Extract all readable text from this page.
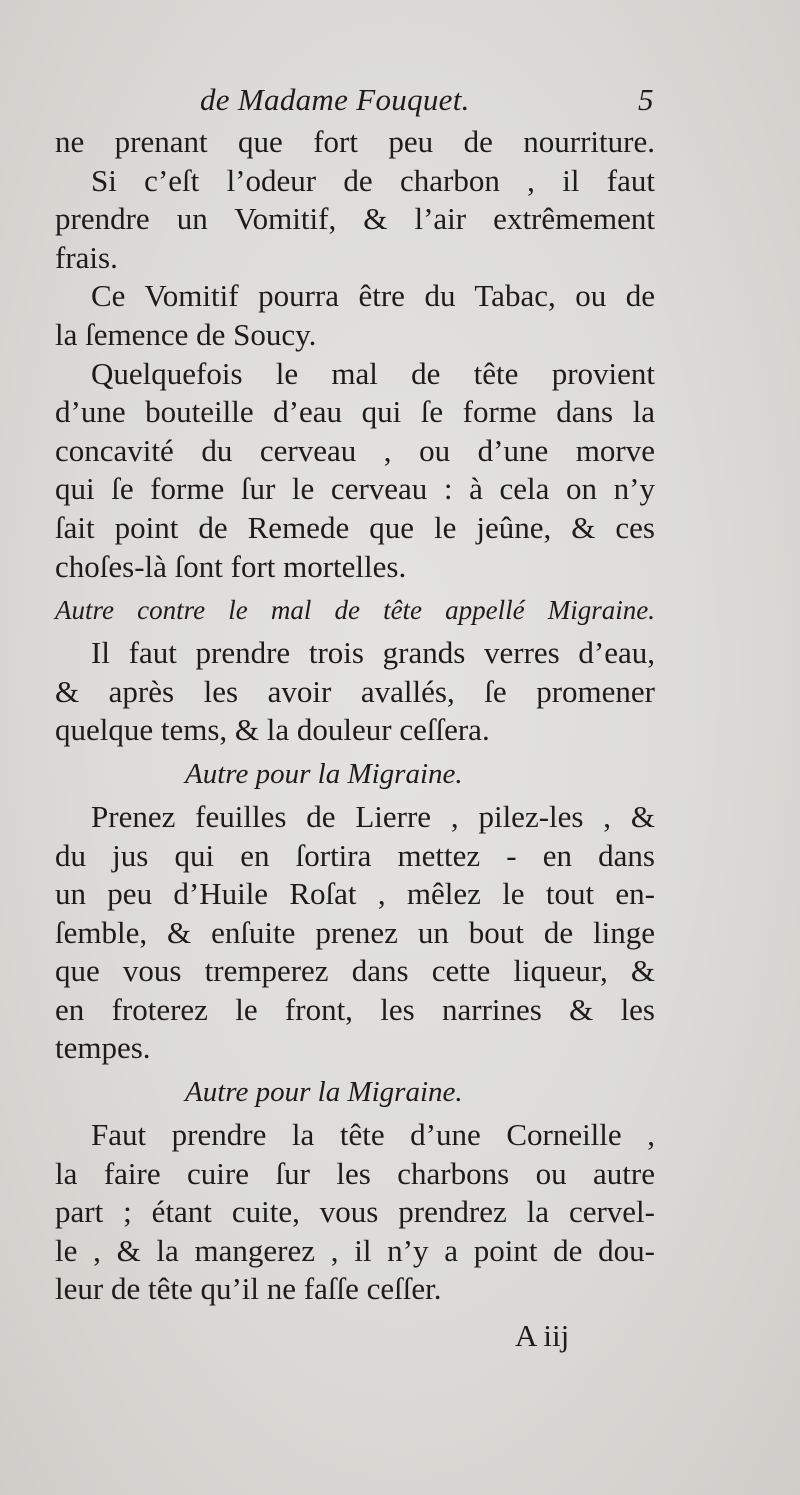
de Madame Fouquet.	5
ne prenant que fort peu de nourriture.
Si c’eſt l’odeur de charbon , il faut
prendre un Vomitif, & l’air extrêmement
frais.
Ce Vomitif pourra être du Tabac, ou de
la ſemence de Soucy.
Quelquefois le mal de tête provient
d’une bouteille d’eau qui ſe forme dans la
concavité du cerveau , ou d’une morve
qui ſe forme ſur le cerveau : à cela on n’y
ſait point de Remede que le jeûne, & ces
choſes-là ſont fort mortelles.
Autre contre le mal de tête appellé Migraine.
Il faut prendre trois grands verres d’eau,
& après les avoir avallés, ſe promener
quelque tems, & la douleur ceſſera.
Autre pour la Migraine.
Prenez feuilles de Lierre , pilez-les , &
du jus qui en ſortira mettez - en dans
un peu d’Huile Roſat , mêlez le tout en-
ſemble, & enſuite prenez un bout de linge
que vous tremperez dans cette liqueur, &
en froterez le front, les narrines & les
tempes.
Autre pour la Migraine.
Faut prendre la tête d’une Corneille ,
la faire cuire ſur les charbons ou autre
part ; étant cuite, vous prendrez la cervel-
le , & la mangerez , il n’y a point de dou-
leur de tête qu’il ne faſſe ceſſer.
A iij
